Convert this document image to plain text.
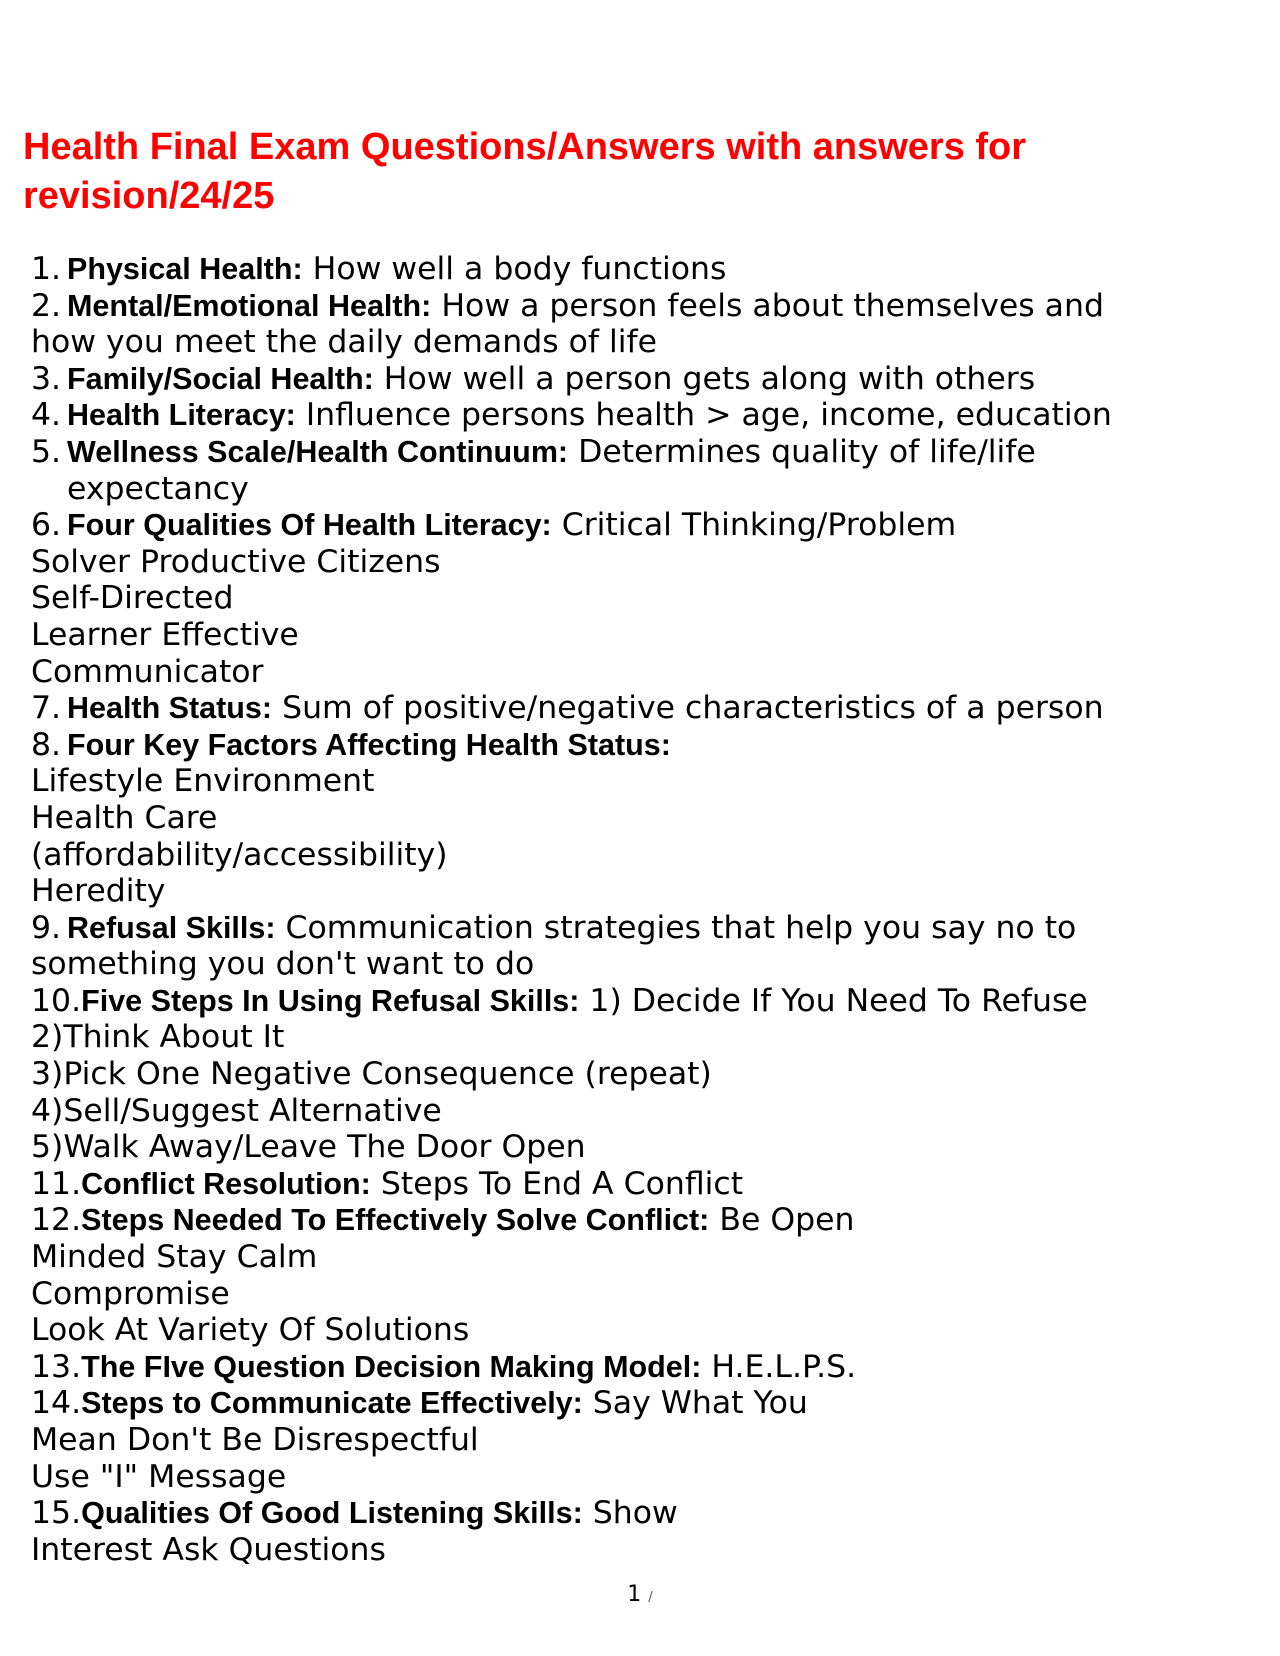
Health Final Exam Questions/Answers with answers for revision/24/25
1. Physical Health: How well a body functions
2. Mental/Emotional Health: How a person feels about themselves and
how you meet the daily demands of life
3. Family/Social Health: How well a person gets along with others
4. Health Literacy: Influence persons health > age, income, education
5. Wellness Scale/Health Continuum: Determines quality of life/life
expectancy
6. Four Qualities Of Health Literacy: Critical Thinking/Problem
Solver Productive Citizens
Self-Directed
Learner Effective
Communicator
7. Health Status: Sum of positive/negative characteristics of a person
8. Four Key Factors Affecting Health Status:
Lifestyle Environment
Health Care
(affordability/accessibility)
Heredity
9. Refusal Skills: Communication strategies that help you say no to
something you don't want to do
10.Five Steps In Using Refusal Skills: 1) Decide If You Need To Refuse
2)Think About It
3)Pick One Negative Consequence (repeat)
4)Sell/Suggest Alternative
5)Walk Away/Leave The Door Open
11.Conflict Resolution: Steps To End A Conflict
12.Steps Needed To Effectively Solve Conflict: Be Open
Minded Stay Calm
Compromise
Look At Variety Of Solutions
13.The FIve Question Decision Making Model: H.E.L.P.S.
14.Steps to Communicate Effectively: Say What You
Mean Don't Be Disrespectful
Use "I" Message
15.Qualities Of Good Listening Skills: Show
Interest Ask Questions
1 /
